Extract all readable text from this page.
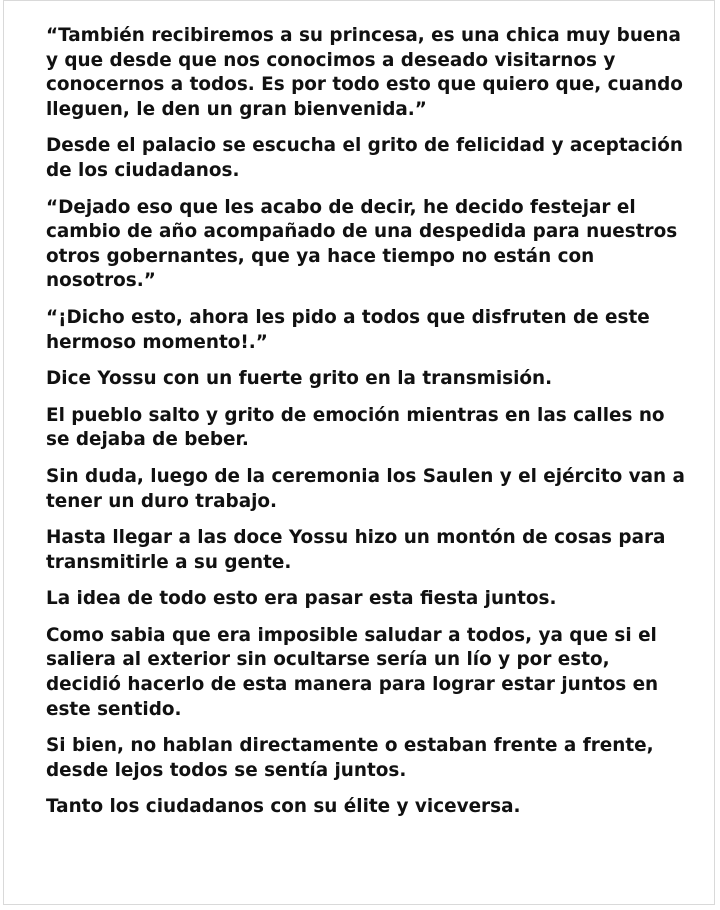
“También recibiremos a su princesa, es una chica muy buena y que desde que nos conocimos a deseado visitarnos y conocernos a todos. Es por todo esto que quiero que, cuando lleguen, le den un gran bienvenida.”

Desde el palacio se escucha el grito de felicidad y aceptación de los ciudadanos.

“Dejado eso que les acabo de decir, he decido festejar el cambio de año acompañado de una despedida para nuestros otros gobernantes, que ya hace tiempo no están con nosotros.”

“¡Dicho esto, ahora les pido a todos que disfruten de este hermoso momento!.”

Dice Yossu con un fuerte grito en la transmisión.

El pueblo salto y grito de emoción mientras en las calles no se dejaba de beber.

Sin duda, luego de la ceremonia los Saulen y el ejército van a tener un duro trabajo.

Hasta llegar a las doce Yossu hizo un montón de cosas para transmitirle a su gente.

La idea de todo esto era pasar esta fiesta juntos.

Como sabia que era imposible saludar a todos, ya que si el saliera al exterior sin ocultarse sería un lío y por esto, decidió hacerlo de esta manera para lograr estar juntos en este sentido.

Si bien, no hablan directamente o estaban frente a frente, desde lejos todos se sentía juntos.

Tanto los ciudadanos con su élite y viceversa.
